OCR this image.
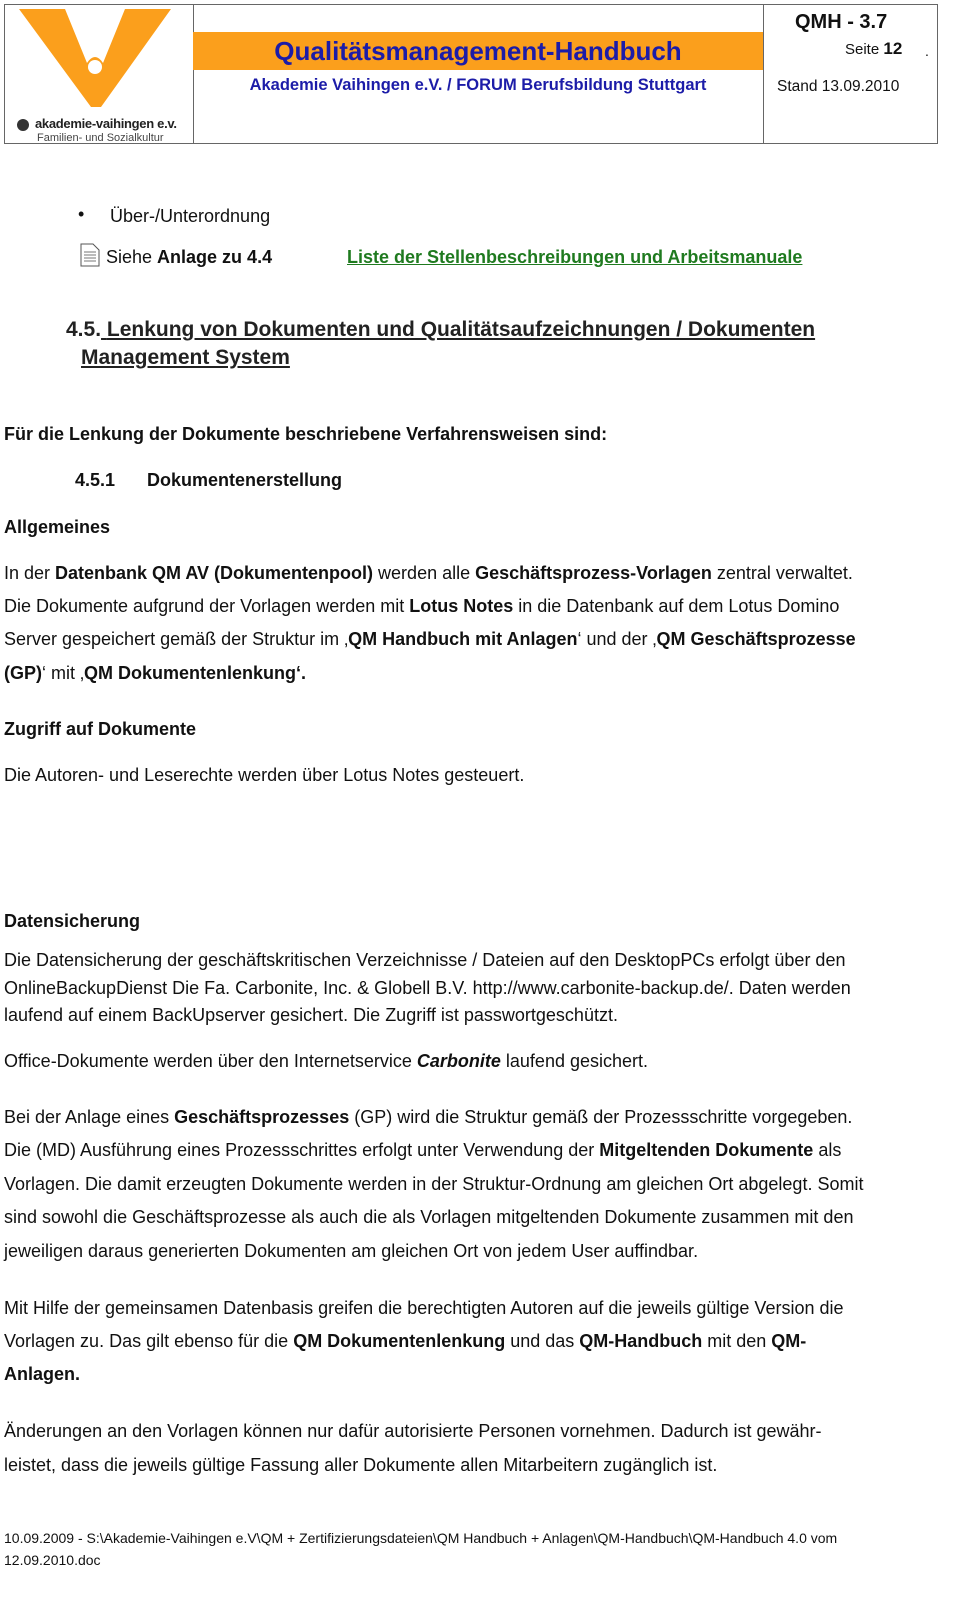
akademie-vaihingen e.v.
Familien- und Sozialkultur
Qualitätsmanagement-Handbuch
Akademie Vaihingen e.V. / FORUM Berufsbildung Stuttgart
QMH - 3.7
Seite 12 .
Stand 13.09.2010
• Über-/Unterordnung
Siehe Anlage zu 4.4	Liste der Stellenbeschreibungen und Arbeitsmanuale
4.5. Lenkung von Dokumenten und Qualitätsaufzeichnungen / Dokumenten
Management System
Für die Lenkung der Dokumente beschriebene Verfahrensweisen sind:
4.5.1 Dokumentenerstellung
Allgemeines
Zugriff auf Dokumente
Datensicherung
In der Datenbank QM AV (Dokumentenpool) werden alle Geschäftsprozess-Vorlagen zentral verwaltet.
Die Dokumente aufgrund der Vorlagen werden mit Lotus Notes in die Datenbank auf dem Lotus Domino
Server gespeichert gemäß der Struktur im ‚QM Handbuch mit Anlagen‘ und der ‚QM Geschäftsprozesse
(GP)‘ mit ‚QM Dokumentenlenkung‘.
Die Autoren- und Leserechte werden über Lotus Notes gesteuert.
Die Datensicherung der geschäftskritischen Verzeichnisse / Dateien auf den DesktopPCs erfolgt über den
OnlineBackupDienst Die Fa. Carbonite, Inc. & Globell B.V. http://www.carbonite-backup.de/. Daten werden
laufend auf einem BackUpserver gesichert. Die Zugriff ist passwortgeschützt.
Office-Dokumente werden über den Internetservice Carbonite laufend gesichert.
Bei der Anlage eines Geschäftsprozesses (GP) wird die Struktur gemäß der Prozessschritte vorgegeben.
Die (MD) Ausführung eines Prozessschrittes erfolgt unter Verwendung der Mitgeltenden Dokumente als
Vorlagen. Die damit erzeugten Dokumente werden in der Struktur-Ordnung am gleichen Ort abgelegt. Somit
sind sowohl die Geschäftsprozesse als auch die als Vorlagen mitgeltenden Dokumente zusammen mit den
jeweiligen daraus generierten Dokumenten am gleichen Ort von jedem User auffindbar.
Mit Hilfe der gemeinsamen Datenbasis greifen die berechtigten Autoren auf die jeweils gültige Version die
Vorlagen zu. Das gilt ebenso für die QM Dokumentenlenkung und das QM-Handbuch mit den QM-
Anlagen.
Änderungen an den Vorlagen können nur dafür autorisierte Personen vornehmen. Dadurch ist gewähr-
leistet, dass die jeweils gültige Fassung aller Dokumente allen Mitarbeitern zugänglich ist.
10.09.2009 - S:\Akademie-Vaihingen e.V\QM + Zertifizierungsdateien\QM Handbuch + Anlagen\QM-Handbuch\QM-Handbuch 4.0 vom
12.09.2010.doc
